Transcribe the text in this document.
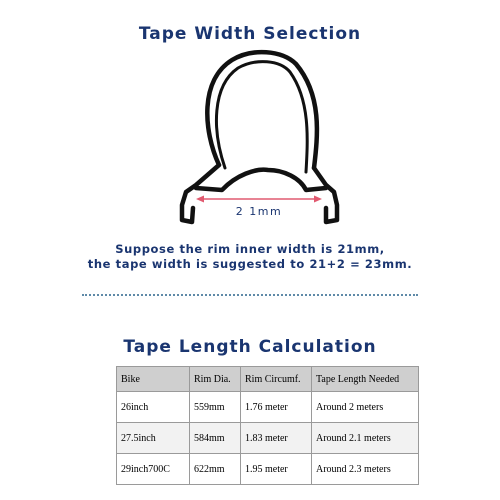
Tape Width Selection
2 1mm
Suppose the rim inner width is 21mm,
the tape width is suggested to 21+2 = 23mm.
Tape Length Calculation
Bike	Rim Dia.	Rim Circumf.	Tape Length Needed
26inch	559mm	1.76 meter	Around 2 meters
27.5inch	584mm	1.83 meter	Around 2.1 meters
29inch700C	622mm	1.95 meter	Around 2.3 meters
